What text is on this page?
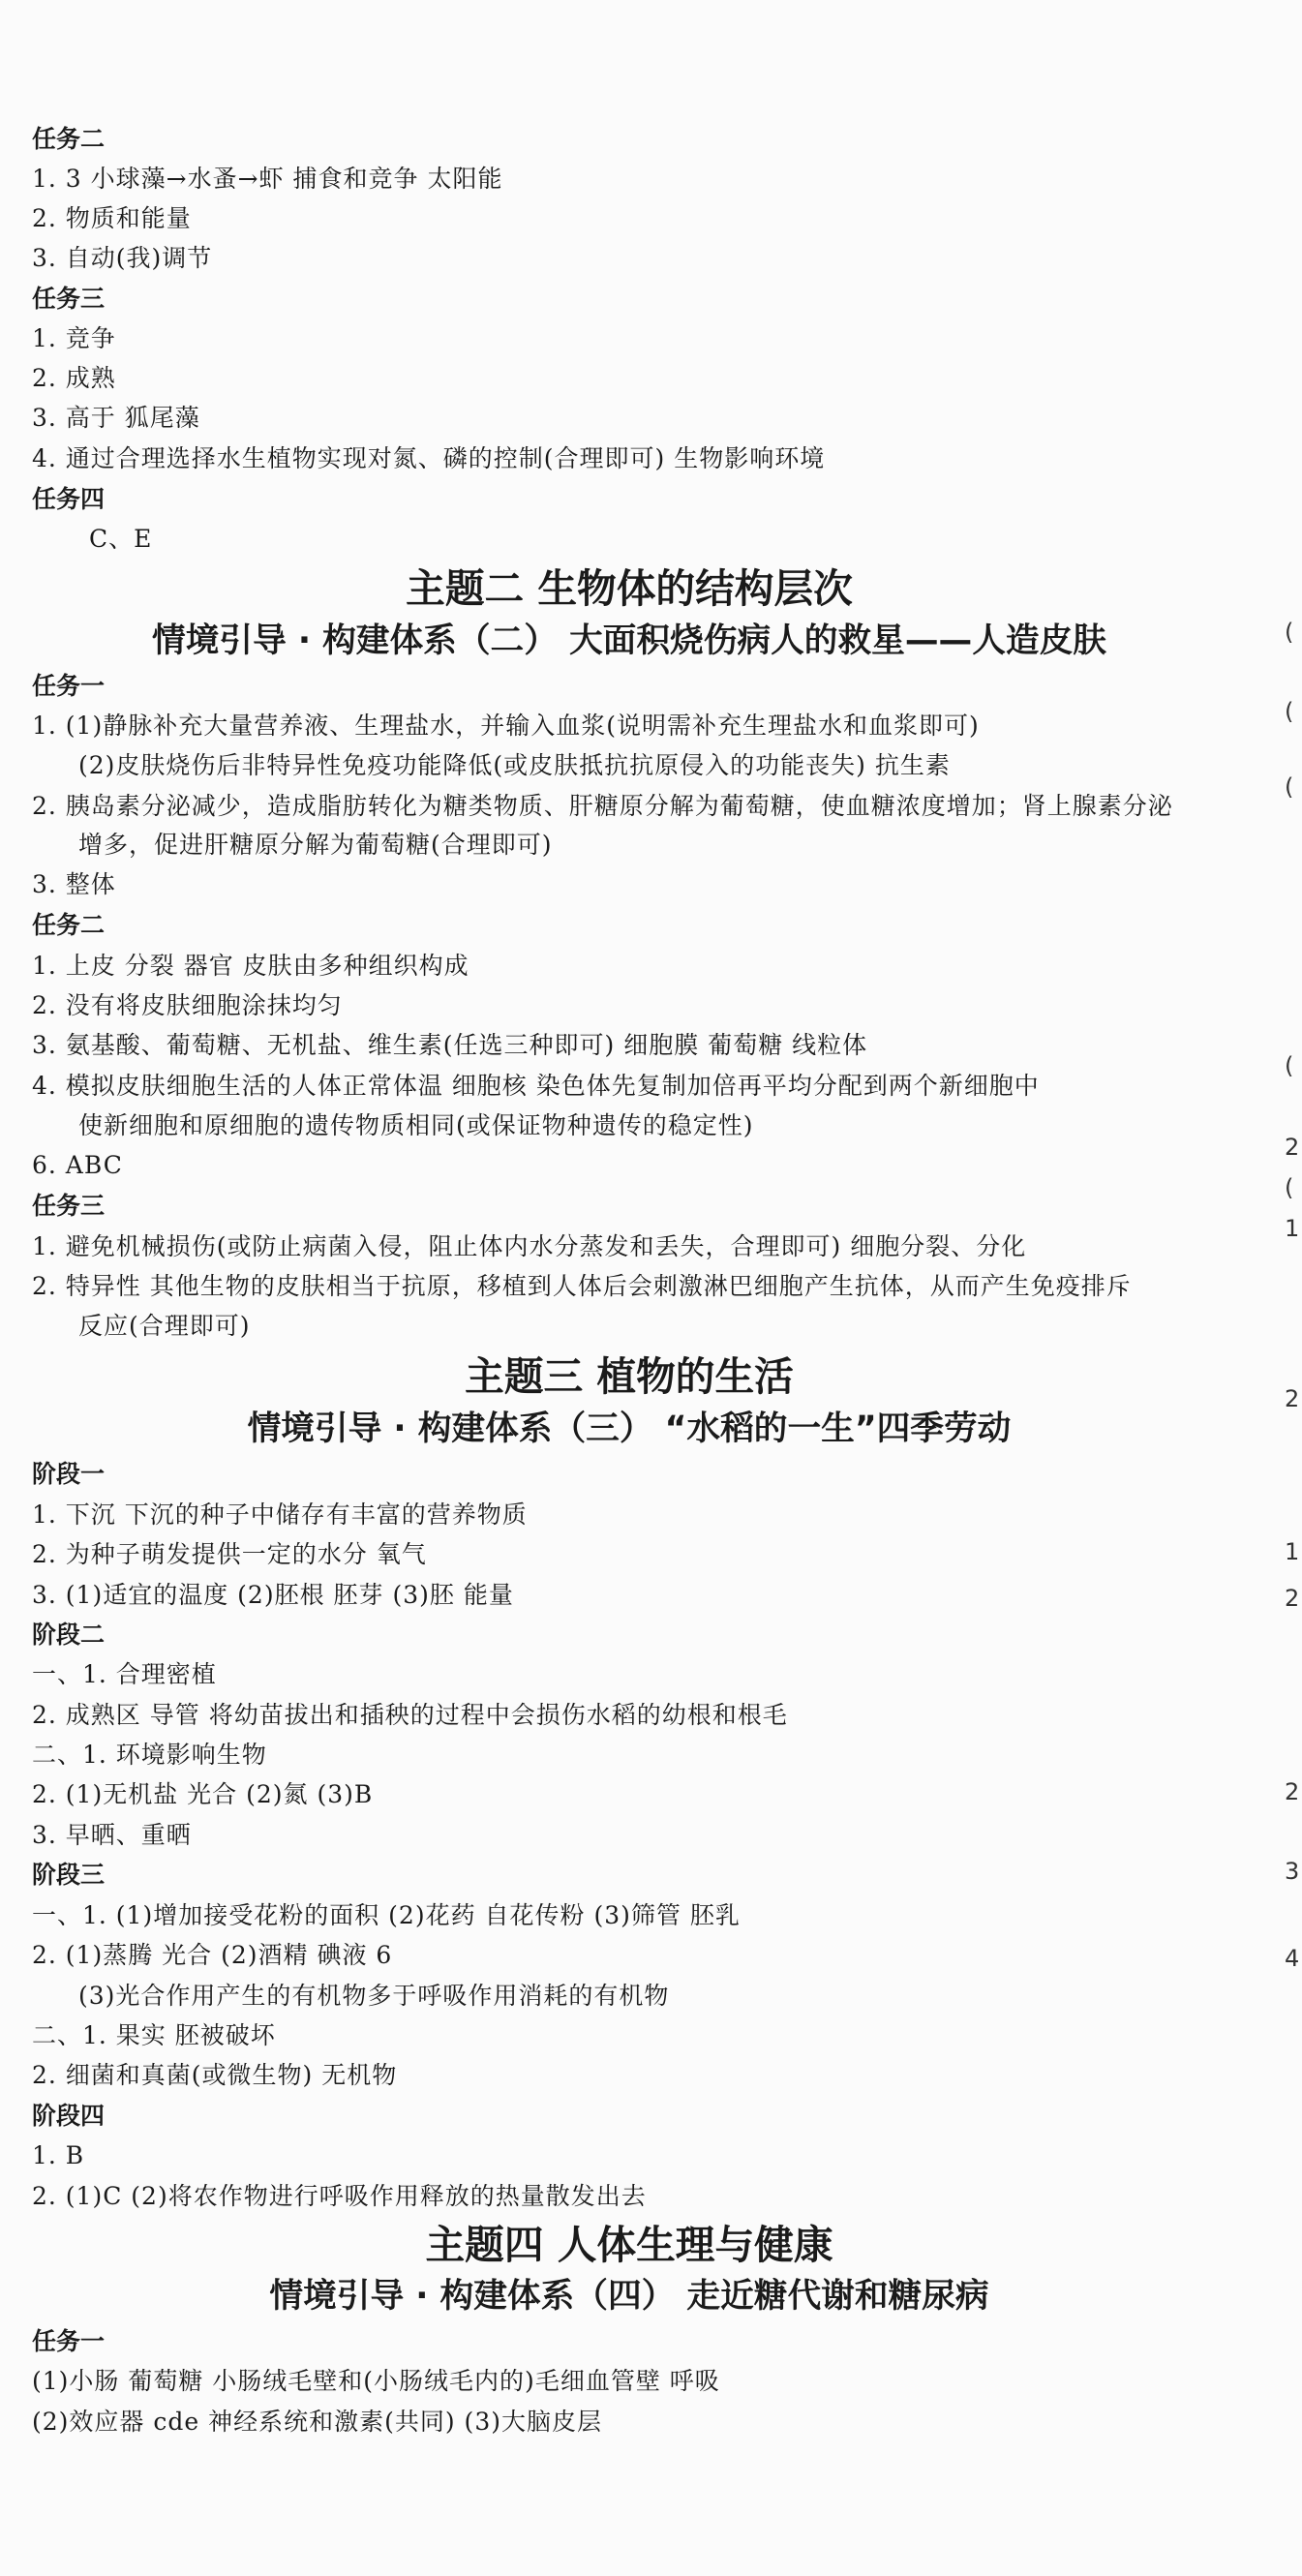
任务二
1. 3 小球藻→水蚤→虾 捕食和竞争 太阳能
2. 物质和能量
3. 自动(我)调节
任务三
1. 竞争
2. 成熟
3. 高于 狐尾藻
4. 通过合理选择水生植物实现对氮、磷的控制(合理即可) 生物影响环境
任务四
C、E
主题二 生物体的结构层次
情境引导 · 构建体系（二） 大面积烧伤病人的救星——人造皮肤
任务一
1. (1)静脉补充大量营养液、生理盐水，并输入血浆(说明需补充生理盐水和血浆即可)
(2)皮肤烧伤后非特异性免疫功能降低(或皮肤抵抗抗原侵入的功能丧失) 抗生素
2. 胰岛素分泌减少，造成脂肪转化为糖类物质、肝糖原分解为葡萄糖，使血糖浓度增加；肾上腺素分泌
增多，促进肝糖原分解为葡萄糖(合理即可)
3. 整体
任务二
1. 上皮 分裂 器官 皮肤由多种组织构成
2. 没有将皮肤细胞涂抹均匀
3. 氨基酸、葡萄糖、无机盐、维生素(任选三种即可) 细胞膜 葡萄糖 线粒体
4. 模拟皮肤细胞生活的人体正常体温 细胞核 染色体先复制加倍再平均分配到两个新细胞中
使新细胞和原细胞的遗传物质相同(或保证物种遗传的稳定性)
6. ABC
任务三
1. 避免机械损伤(或防止病菌入侵，阻止体内水分蒸发和丢失，合理即可) 细胞分裂、分化
2. 特异性 其他生物的皮肤相当于抗原，移植到人体后会刺激淋巴细胞产生抗体，从而产生免疫排斥
反应(合理即可)
主题三 植物的生活
情境引导 · 构建体系（三） “水稻的一生”四季劳动
阶段一
1. 下沉 下沉的种子中储存有丰富的营养物质
2. 为种子萌发提供一定的水分 氧气
3. (1)适宜的温度 (2)胚根 胚芽 (3)胚 能量
阶段二
一、1. 合理密植
2. 成熟区 导管 将幼苗拔出和插秧的过程中会损伤水稻的幼根和根毛
二、1. 环境影响生物
2. (1)无机盐 光合 (2)氮 (3)B
3. 早晒、重晒
阶段三
一、1. (1)增加接受花粉的面积 (2)花药 自花传粉 (3)筛管 胚乳
2. (1)蒸腾 光合 (2)酒精 碘液 6
(3)光合作用产生的有机物多于呼吸作用消耗的有机物
二、1. 果实 胚被破坏
2. 细菌和真菌(或微生物) 无机物
阶段四
1. B
2. (1)C (2)将农作物进行呼吸作用释放的热量散发出去
主题四 人体生理与健康
情境引导 · 构建体系（四） 走近糖代谢和糖尿病
任务一
(1)小肠 葡萄糖 小肠绒毛壁和(小肠绒毛内的)毛细血管壁 呼吸
(2)效应器 cde 神经系统和激素(共同) (3)大脑皮层
(
(
(
(
2
(
1
2
1
2
2
3
4
